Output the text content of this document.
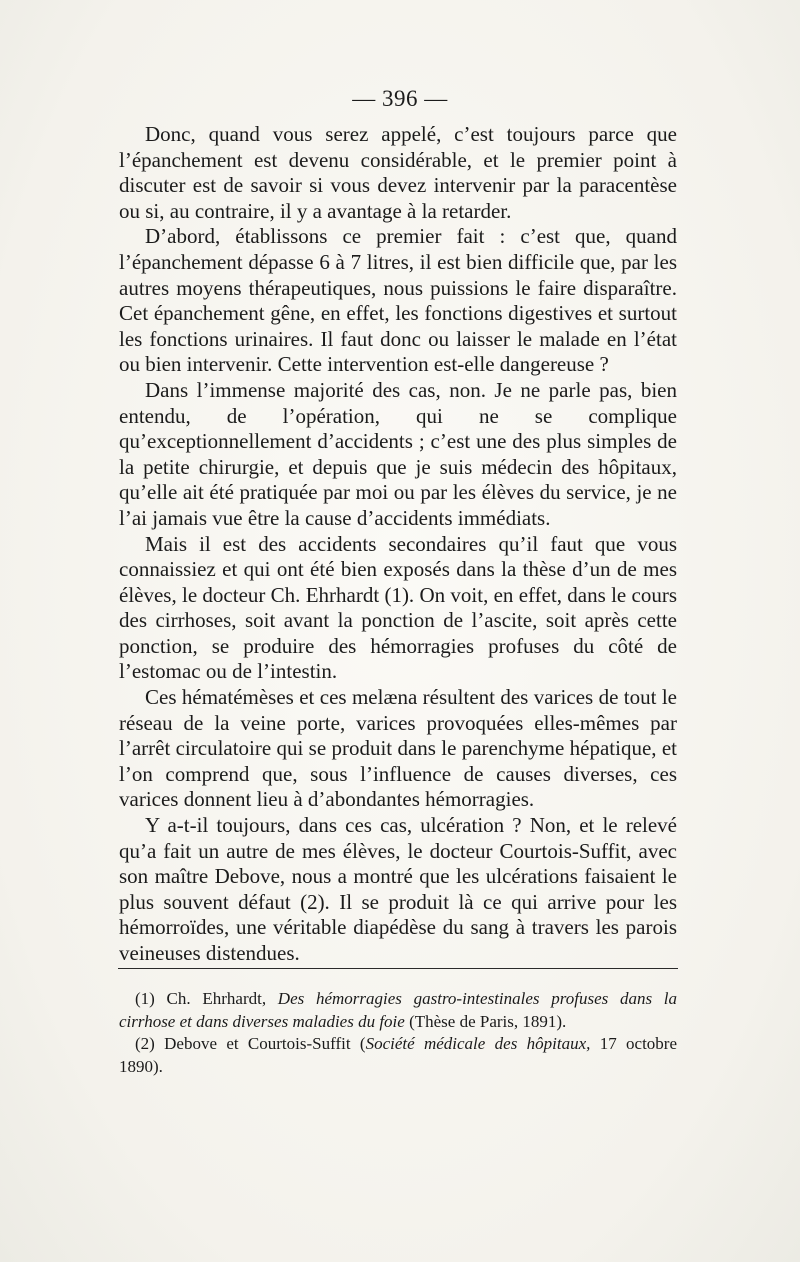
— 396 —

Donc, quand vous serez appelé, c’est toujours parce que l’épanchement est devenu considérable, et le premier point à discuter est de savoir si vous devez intervenir par la paracentèse ou si, au contraire, il y a avantage à la retarder.

D’abord, établissons ce premier fait : c’est que, quand l’épanchement dépasse 6 à 7 litres, il est bien difficile que, par les autres moyens thérapeutiques, nous puissions le faire disparaître. Cet épanchement gêne, en effet, les fonctions digestives et surtout les fonctions urinaires. Il faut donc ou laisser le malade en l’état ou bien intervenir. Cette intervention est-elle dangereuse ?

Dans l’immense majorité des cas, non. Je ne parle pas, bien entendu, de l’opération, qui ne se complique qu’exceptionnellement d’accidents ; c’est une des plus simples de la petite chirurgie, et depuis que je suis médecin des hôpitaux, qu’elle ait été pratiquée par moi ou par les élèves du service, je ne l’ai jamais vue être la cause d’accidents immédiats.

Mais il est des accidents secondaires qu’il faut que vous connaissiez et qui ont été bien exposés dans la thèse d’un de mes élèves, le docteur Ch. Ehrhardt (1). On voit, en effet, dans le cours des cirrhoses, soit avant la ponction de l’ascite, soit après cette ponction, se produire des hémorragies profuses du côté de l’estomac ou de l’intestin.

Ces hématémèses et ces melæna résultent des varices de tout le réseau de la veine porte, varices provoquées elles-mêmes par l’arrêt circulatoire qui se produit dans le parenchyme hépatique, et l’on comprend que, sous l’influence de causes diverses, ces varices donnent lieu à d’abondantes hémorragies.

Y a-t-il toujours, dans ces cas, ulcération ? Non, et le relevé qu’a fait un autre de mes élèves, le docteur Courtois-Suffit, avec son maître Debove, nous a montré que les ulcérations faisaient le plus souvent défaut (2). Il se produit là ce qui arrive pour les hémorroïdes, une véritable diapédèse du sang à travers les parois veineuses distendues.

(1) Ch. Ehrhardt, Des hémorragies gastro-intestinales profuses dans la cirrhose et dans diverses maladies du foie (Thèse de Paris, 1891).

(2) Debove et Courtois-Suffit (Société médicale des hôpitaux, 17 octobre 1890).
